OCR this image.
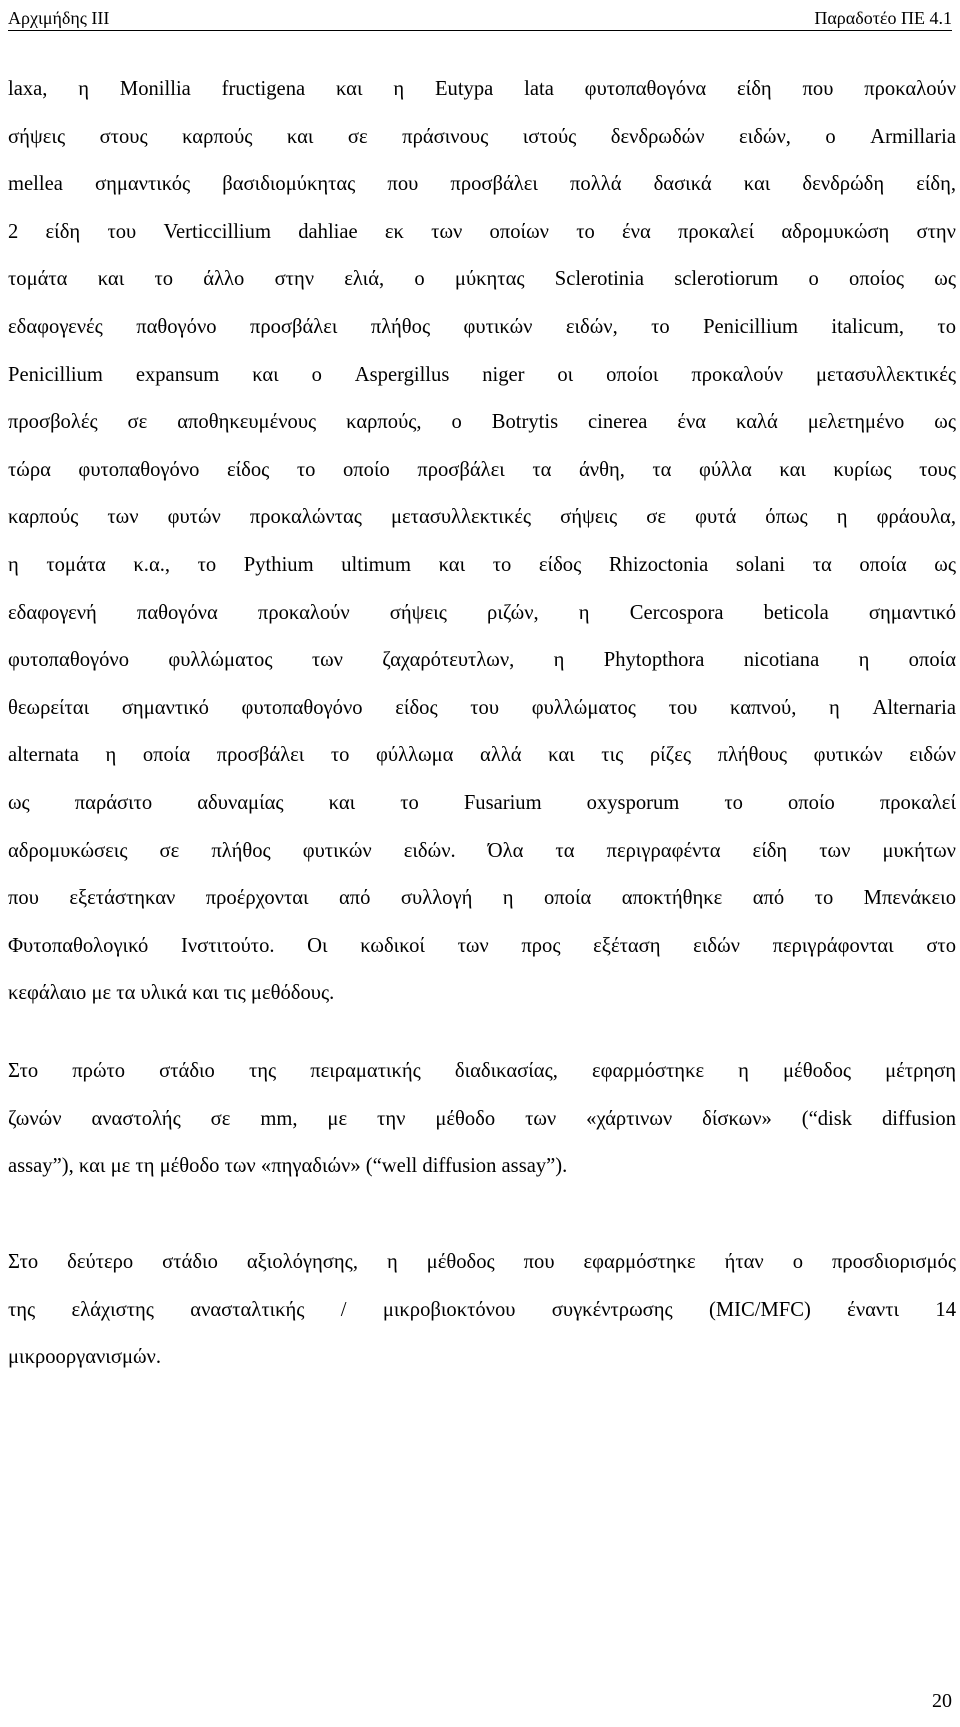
Αρχιμήδης ΙΙΙ	Παραδοτέο ΠΕ 4.1
laxa, η Monillia fructigena και η Eutypa lata φυτοπαθογόνα είδη που προκαλούν
σήψεις στους καρπούς και σε πράσινους ιστούς δενδρωδών ειδών, ο Armillaria
mellea σημαντικός βασιδιομύκητας που προσβάλει πολλά δασικά και δενδρώδη είδη,
2 είδη του Verticcillium dahliae εκ των οποίων το ένα προκαλεί αδρομυκώση στην
τομάτα και το άλλο στην ελιά, ο μύκητας Sclerotinia sclerotiorum ο οποίος ως
εδαφογενές παθογόνο προσβάλει πλήθος φυτικών ειδών, το Penicillium italicum, το
Penicillium expansum και ο Aspergillus niger οι οποίοι προκαλούν μετασυλλεκτικές
προσβολές σε αποθηκευμένους καρπούς, ο Botrytis cinerea ένα καλά μελετημένο ως
τώρα φυτοπαθογόνο είδος το οποίο προσβάλει τα άνθη, τα φύλλα και κυρίως τους
καρπούς των φυτών προκαλώντας μετασυλλεκτικές σήψεις σε φυτά όπως η φράουλα,
η τομάτα κ.α., το Pythium ultimum και το είδος Rhizoctonia solani τα οποία ως
εδαφογενή παθογόνα προκαλούν σήψεις ριζών, η Cercospora beticola σημαντικό
φυτοπαθογόνο φυλλώματος των ζαχαρότευτλων, η Phytopthora nicotiana η οποία
θεωρείται σημαντικό φυτοπαθογόνο είδος του φυλλώματος του καπνού, η Alternaria
alternata η οποία προσβάλει το φύλλωμα αλλά και τις ρίζες πλήθους φυτικών ειδών
ως παράσιτο αδυναμίας και το Fusarium oxysporum το οποίο προκαλεί
αδρομυκώσεις σε πλήθος φυτικών ειδών. Όλα τα περιγραφέντα είδη των μυκήτων
που εξετάστηκαν προέρχονται από συλλογή η οποία αποκτήθηκε από το Μπενάκειο
Φυτοπαθολογικό Ινστιτούτο. Οι κωδικοί των προς εξέταση ειδών περιγράφονται στο
κεφάλαιο με τα υλικά και τις μεθόδους.
Στο πρώτο στάδιο της πειραματικής διαδικασίας, εφαρμόστηκε η μέθοδος μέτρηση
ζωνών αναστολής σε mm, με την μέθοδο των «χάρτινων δίσκων» (“disk diffusion
assay”), και με τη μέθοδο των «πηγαδιών» (“well diffusion assay”).
Στο δεύτερο στάδιο αξιολόγησης, η μέθοδος που εφαρμόστηκε ήταν ο προσδιορισμός
της ελάχιστης ανασταλτικής / μικροβιοκτόνου συγκέντρωσης (MIC/MFC) έναντι 14
μικροοργανισμών.
20
